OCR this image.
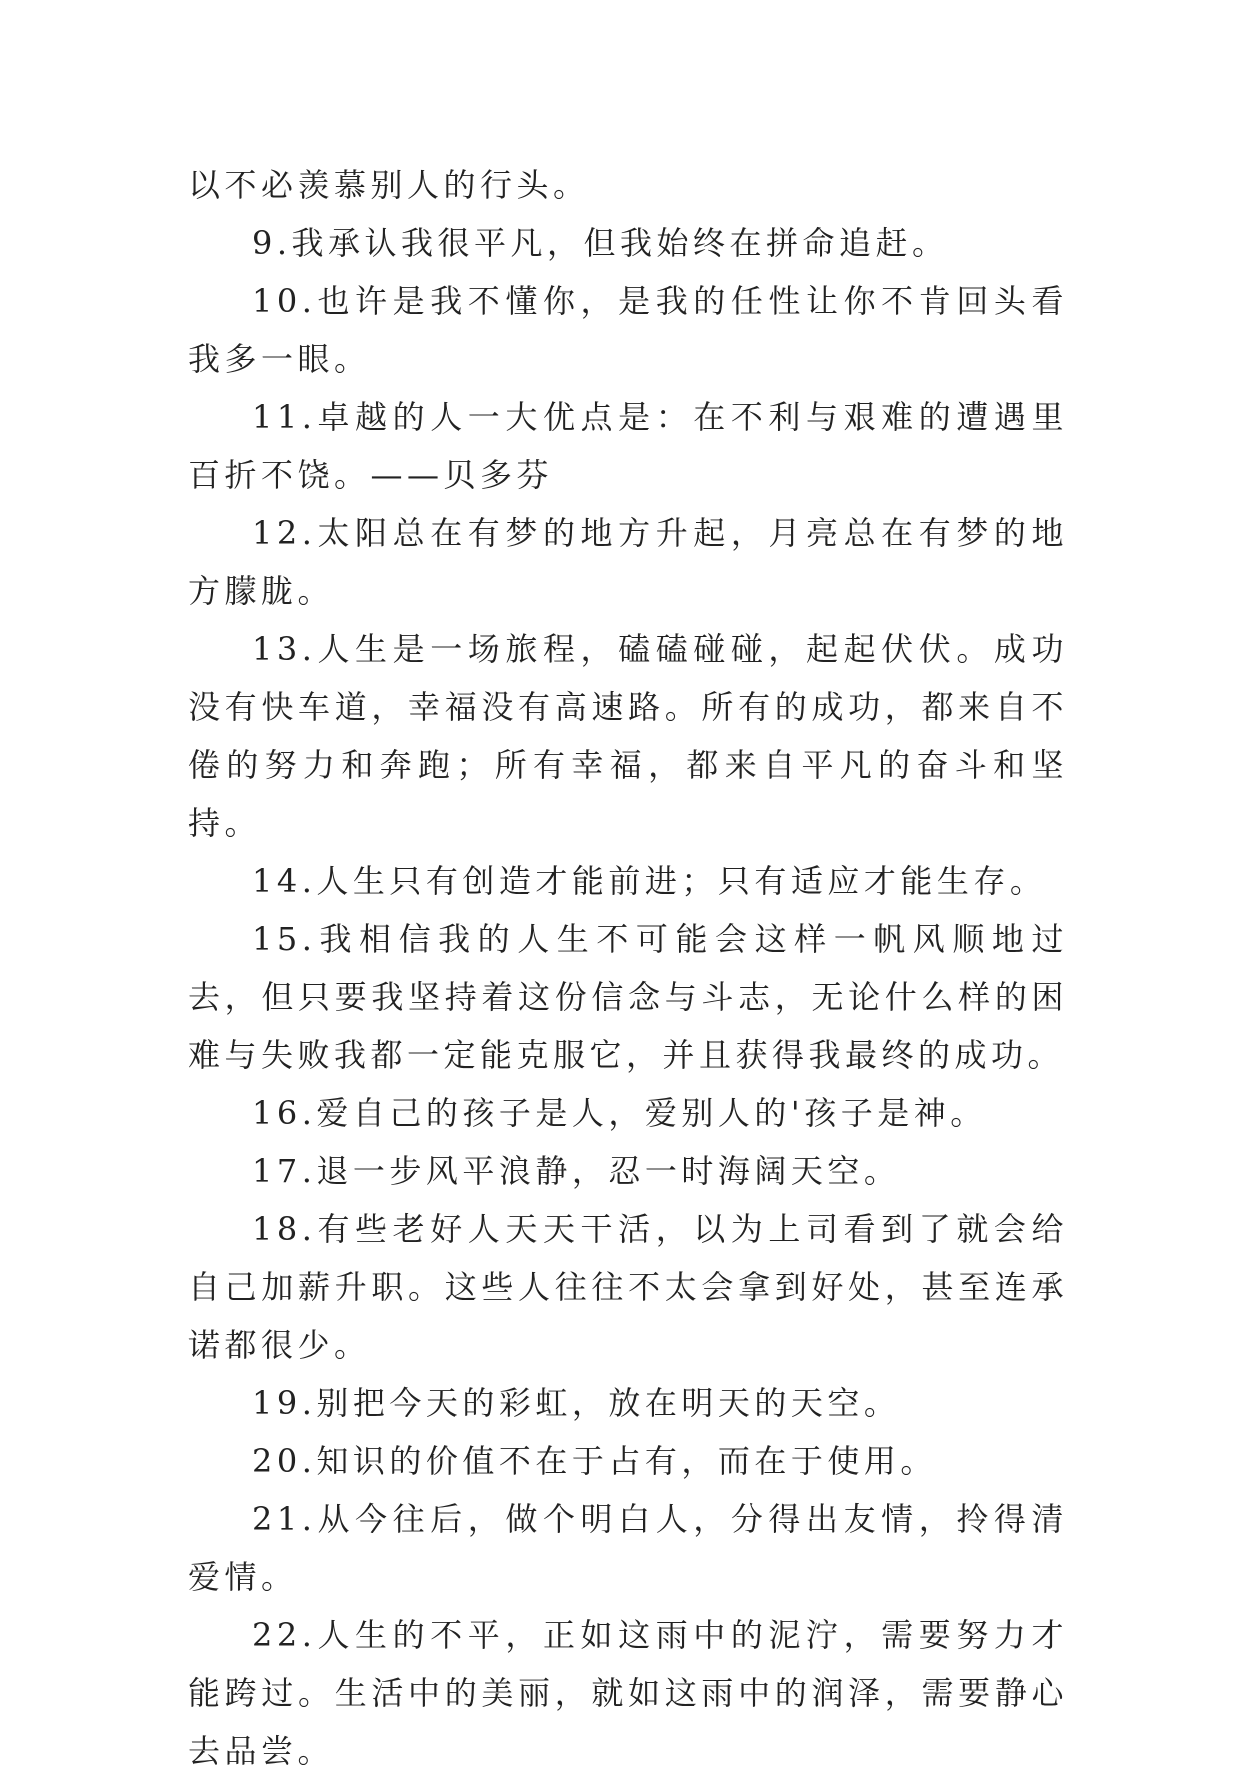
以不必羡慕别人的行头。

9.我承认我很平凡，但我始终在拼命追赶。

10.也许是我不懂你，是我的任性让你不肯回头看我多一眼。

11.卓越的人一大优点是：在不利与艰难的遭遇里百折不饶。——贝多芬

12.太阳总在有梦的地方升起，月亮总在有梦的地方朦胧。

13.人生是一场旅程，磕磕碰碰，起起伏伏。成功没有快车道，幸福没有高速路。所有的成功，都来自不倦的努力和奔跑；所有幸福，都来自平凡的奋斗和坚持。

14.人生只有创造才能前进；只有适应才能生存。

15.我相信我的人生不可能会这样一帆风顺地过去，但只要我坚持着这份信念与斗志，无论什么样的困难与失败我都一定能克服它，并且获得我最终的成功。

16.爱自己的孩子是人，爱别人的'孩子是神。

17.退一步风平浪静，忍一时海阔天空。

18.有些老好人天天干活，以为上司看到了就会给自己加薪升职。这些人往往不太会拿到好处，甚至连承诺都很少。

19.别把今天的彩虹，放在明天的天空。

20.知识的价值不在于占有，而在于使用。

21.从今往后，做个明白人，分得出友情，拎得清爱情。

22.人生的不平，正如这雨中的泥泞，需要努力才能跨过。生活中的美丽，就如这雨中的润泽，需要静心去品尝。
